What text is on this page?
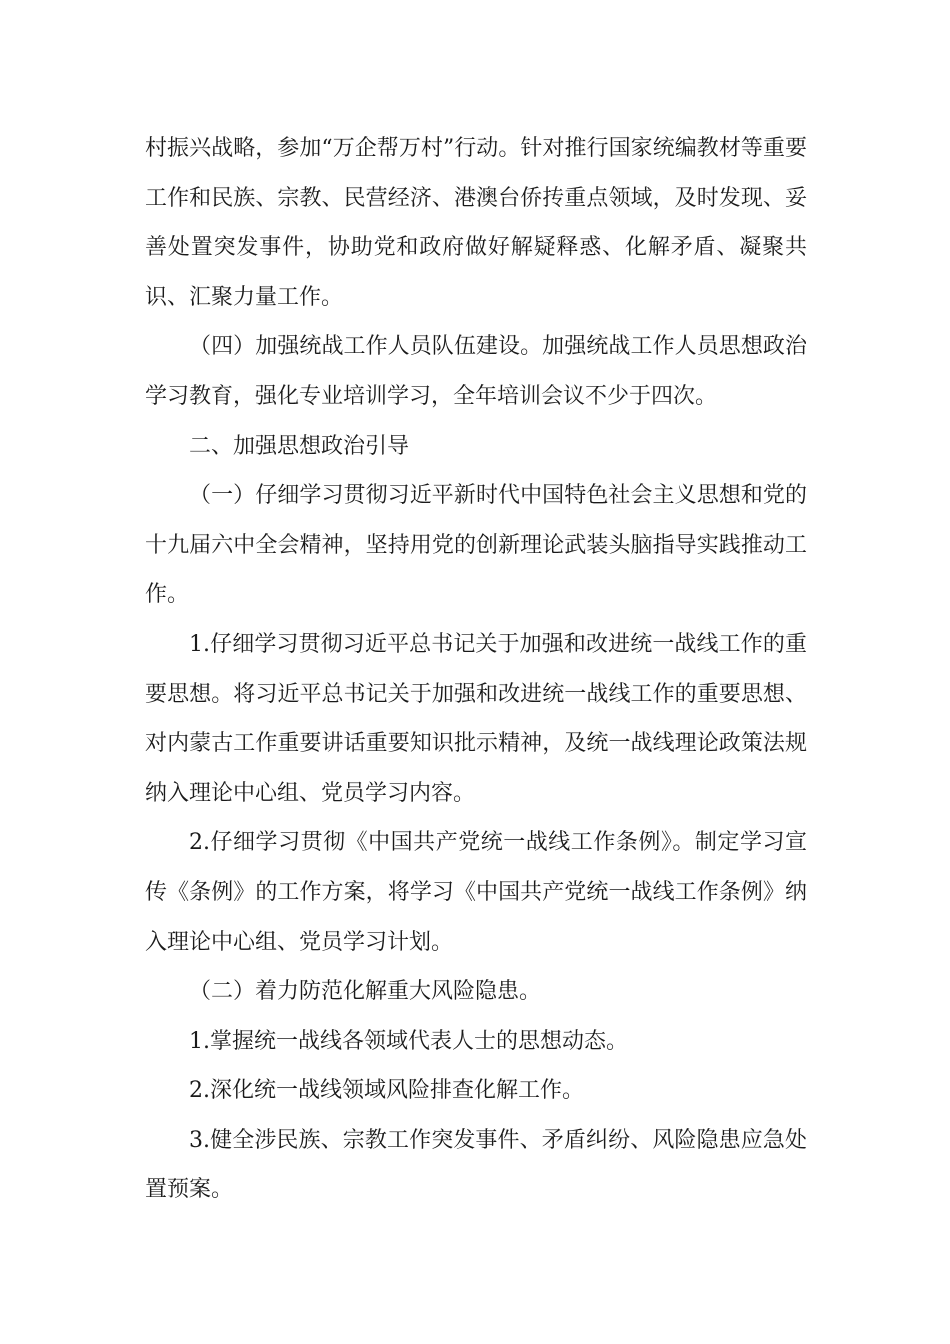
村振兴战略，参加“万企帮万村”行动。针对推行国家统编教材等重要工作和民族、宗教、民营经济、港澳台侨抟重点领域，及时发现、妥善处置突发事件，协助党和政府做好解疑释惑、化解矛盾、凝聚共识、汇聚力量工作。

（四）加强统战工作人员队伍建设。加强统战工作人员思想政治学习教育，强化专业培训学习，全年培训会议不少于四次。

二、加强思想政治引导

（一）仔细学习贯彻习近平新时代中国特色社会主义思想和党的十九届六中全会精神，坚持用党的创新理论武装头脑指导实践推动工作。

1.仔细学习贯彻习近平总书记关于加强和改进统一战线工作的重要思想。将习近平总书记关于加强和改进统一战线工作的重要思想、对内蒙古工作重要讲话重要知识批示精神，及统一战线理论政策法规纳入理论中心组、党员学习内容。

2.仔细学习贯彻《中国共产党统一战线工作条例》。制定学习宣传《条例》的工作方案，将学习《中国共产党统一战线工作条例》纳入理论中心组、党员学习计划。

（二）着力防范化解重大风险隐患。

1.掌握统一战线各领域代表人士的思想动态。

2.深化统一战线领域风险排查化解工作。

3.健全涉民族、宗教工作突发事件、矛盾纠纷、风险隐患应急处置预案。
